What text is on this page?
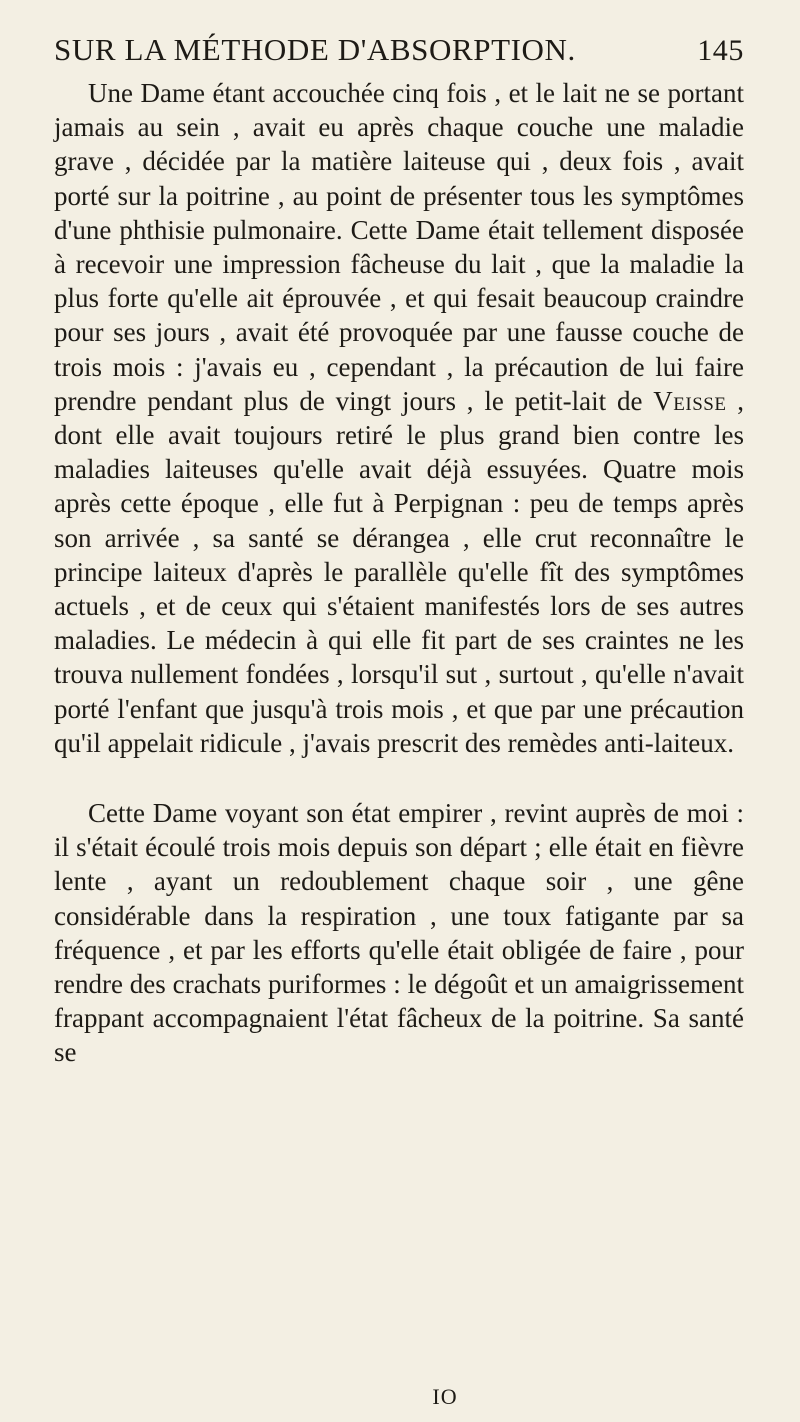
SUR LA MÉTHODE D'ABSORPTION.	145

Une Dame étant accouchée cinq fois , et le lait ne se portant jamais au sein , avait eu après chaque couche une maladie grave , décidée par la matière laiteuse qui , deux fois , avait porté sur la poitrine , au point de présenter tous les symptômes d'une phthisie pulmonaire. Cette Dame était tellement disposée à recevoir une impression fâcheuse du lait , que la maladie la plus forte qu'elle ait éprouvée , et qui fesait beaucoup craindre pour ses jours , avait été provoquée par une fausse couche de trois mois : j'avais eu , cependant , la précaution de lui faire prendre pendant plus de vingt jours , le petit-lait de Veisse , dont elle avait toujours retiré le plus grand bien contre les maladies laiteuses qu'elle avait déjà essuyées. Quatre mois après cette époque , elle fut à Perpignan : peu de temps après son arrivée , sa santé se dérangea , elle crut reconnaître le principe laiteux d'après le parallèle qu'elle fît des symptômes actuels , et de ceux qui s'étaient manifestés lors de ses autres maladies. Le médecin à qui elle fit part de ses craintes ne les trouva nullement fondées , lorsqu'il sut , surtout , qu'elle n'avait porté l'enfant que jusqu'à trois mois , et que par une précaution qu'il appelait ridicule , j'avais prescrit des remèdes anti-laiteux.

Cette Dame voyant son état empirer , revint auprès de moi : il s'était écoulé trois mois depuis son départ ; elle était en fièvre lente , ayant un redoublement chaque soir , une gêne considérable dans la respiration , une toux fatigante par sa fréquence , et par les efforts qu'elle était obligée de faire , pour rendre des crachats puriformes : le dégoût et un amaigrissement frappant accompagnaient l'état fâcheux de la poitrine. Sa santé se

IO
